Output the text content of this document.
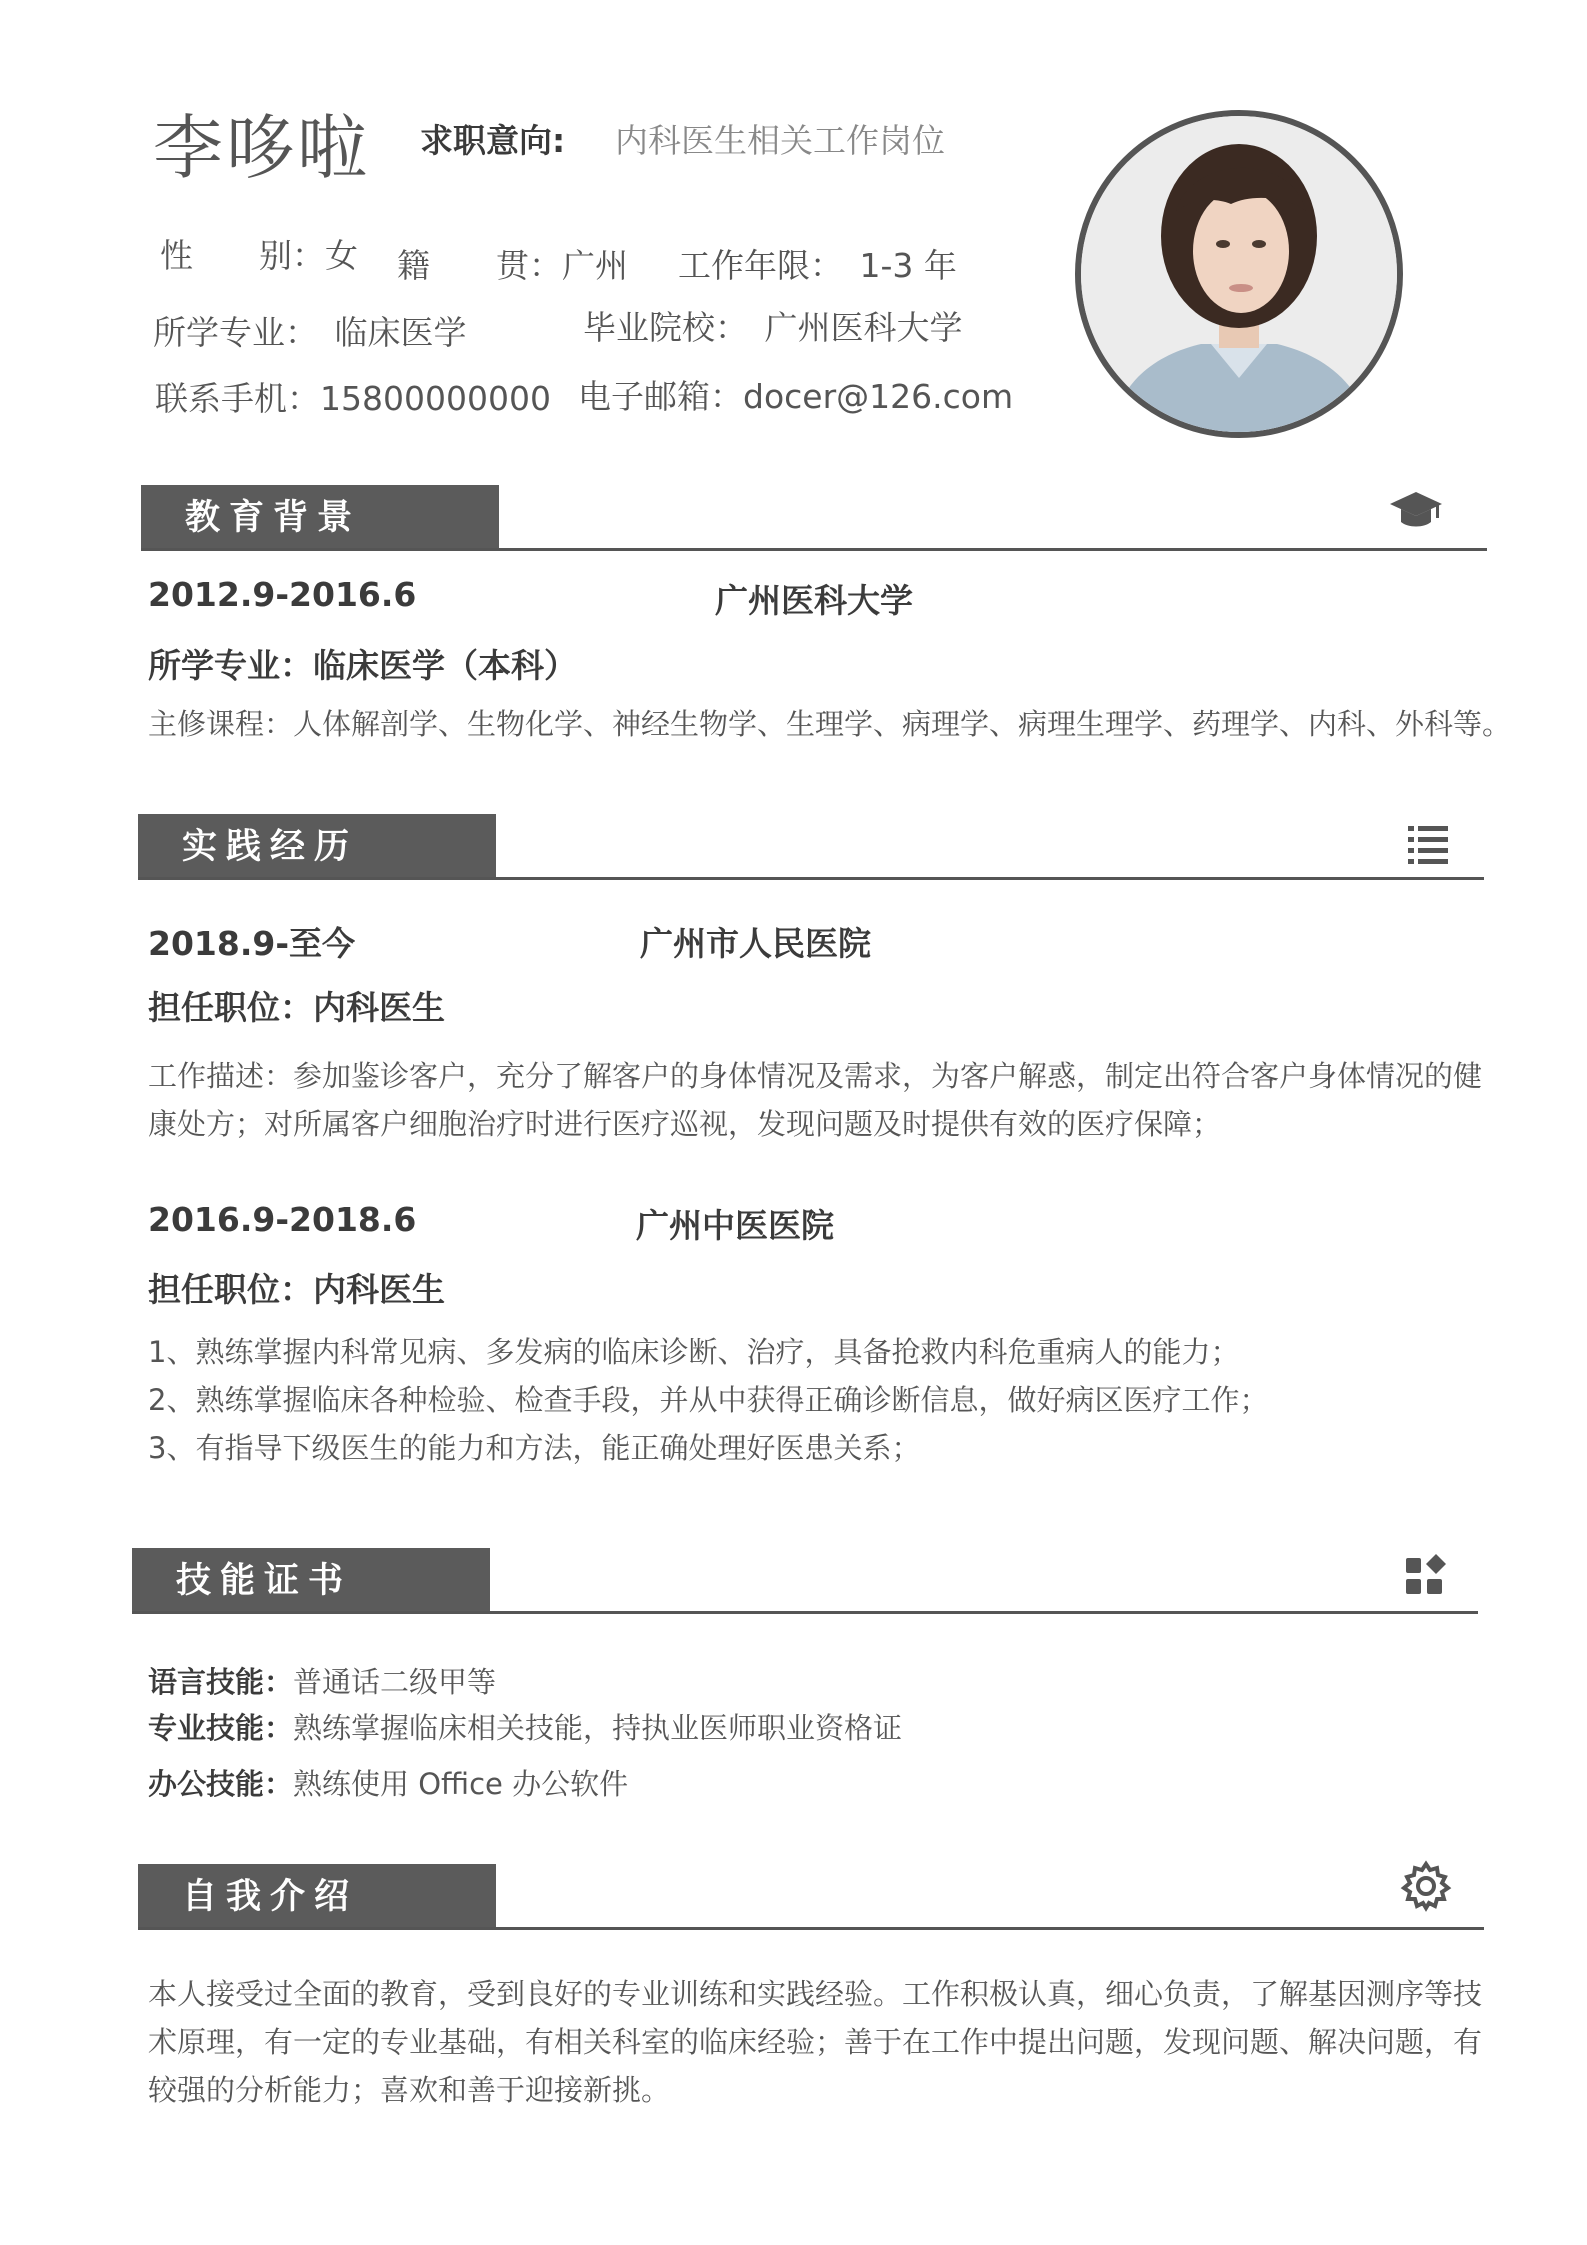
李哆啦 求职意向: 内科医生相关工作岗位
性　　别：女 籍　　贯：广州 工作年限：　1-3 年
所学专业：　临床医学	毕业院校：　广州医科大学
联系手机：15800000000 电子邮箱：docer@126.com
教育背景
2012.9-2016.6	广州医科大学
所学专业：临床医学（本科）
主修课程：人体解剖学、生物化学、神经生物学、生理学、病理学、病理生理学、药理学、内科、外科等。
实践经历
2018.9-至今	广州市人民医院
担任职位：内科医生
工作描述：参加鉴诊客户，充分了解客户的身体情况及需求，为客户解惑，制定出符合客户身体情况的健康处方；对所属客户细胞治疗时进行医疗巡视，发现问题及时提供有效的医疗保障；
2016.9-2018.6	广州中医医院
担任职位：内科医生
1、熟练掌握内科常见病、多发病的临床诊断、治疗，具备抢救内科危重病人的能力；
2、熟练掌握临床各种检验、检查手段，并从中获得正确诊断信息，做好病区医疗工作；
3、有指导下级医生的能力和方法，能正确处理好医患关系；
技能证书
语言技能：普通话二级甲等
专业技能：熟练掌握临床相关技能，持执业医师职业资格证
办公技能：熟练使用 Office 办公软件
自我介绍
本人接受过全面的教育，受到良好的专业训练和实践经验。工作积极认真，细心负责，了解基因测序等技术原理，有一定的专业基础，有相关科室的临床经验；善于在工作中提出问题，发现问题、解决问题，有较强的分析能力；喜欢和善于迎接新挑。
